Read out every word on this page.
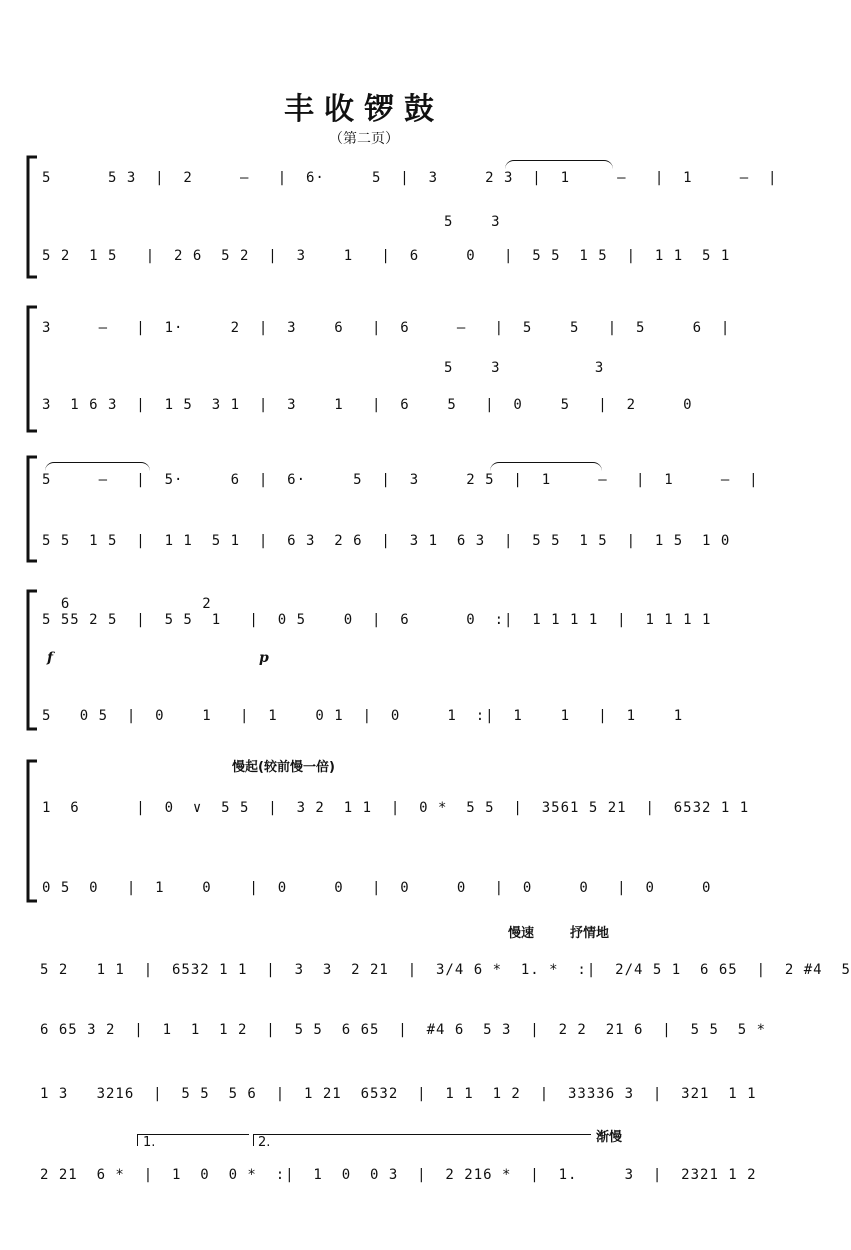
丰收锣鼓
（第二页）
5      5 3  |  2     –   |  6·     5  |  3     2 3  |  1     –   |  1     –  |
5    3
5 2  1 5   |  2 6  5 2  |  3    1   |  6     0   |  5 5  1 5  |  1 1  5 1
3     –   |  1·     2  |  3    6   |  6     –   |  5    5   |  5     6  |
5    3          3
3  1 6 3  |  1 5  3 1  |  3    1   |  6    5   |  0    5   |  2     0
5     –   |  5·     6  |  6·     5  |  3     2 5  |  1     –   |  1     –  |
5 5  1 5  |  1 1  5 1  |  6 3  2 6  |  3 1  6 3  |  5 5  1 5  |  1 5  1 0
6              2
5 55 2 5  |  5 5  1   |  0 5    0  |  6      0  :|  1 1 1 1  |  1 1 1 1
f	p
5   0 5  |  0    1   |  1    0 1  |  0     1  :|  1    1   |  1    1
慢起(较前慢一倍)
1  6      |  0  ∨  5 5  |  3 2  1 1  |  0 *  5 5  |  3561 5 21  |  6532 1 1
0 5  0   |  1    0    |  0     0   |  0     0   |  0     0   |  0     0
慢速	抒情地
5 2   1 1  |  6532 1 1  |  3  3  2 21  |  3/4 6 *  1. *  :|  2/4 5 1  6 65  |  2 #4  5
6 65 3 2  |  1  1  1 2  |  5 5  6 65  |  #4 6  5 3  |  2 2  21 6  |  5 5  5 *
1 3   3216  |  5 5  5 6  |  1 21  6532  |  1 1  1 2  |  33336 3  |  321  1 1
1.	2.	渐慢
2 21  6 *  |  1  0  0 *  :|  1  0  0 3  |  2 216 *  |  1.     3  |  2321 1 2
